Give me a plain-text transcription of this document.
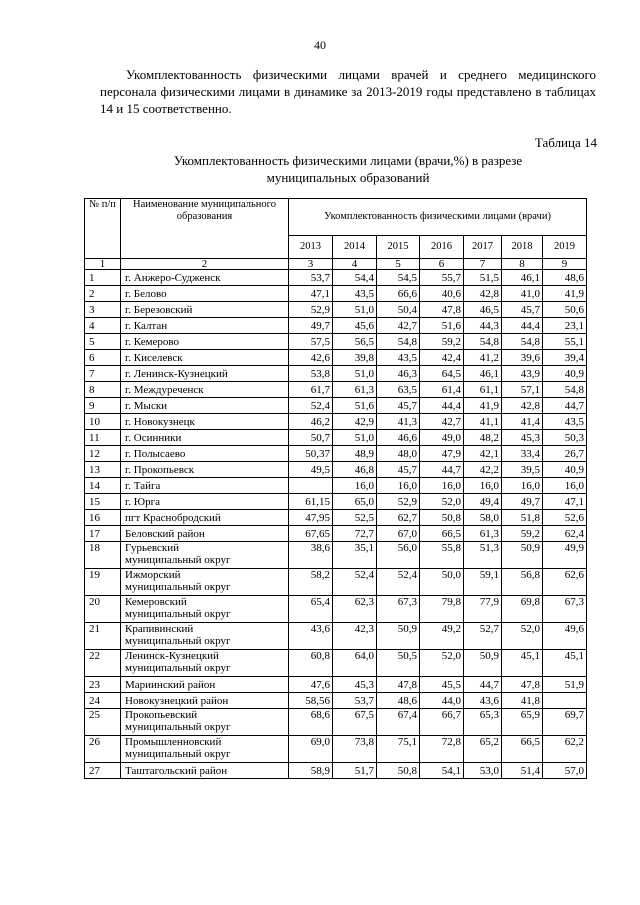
40

Укомплектованность физическими лицами врачей и среднего медицинского персонала физическими лицами в динамике за 2013-2019 годы представлено в таблицах 14 и 15 соответственно.

Таблица 14
Укомплектованность физическими лицами (врачи,%) в разрезе
муниципальных образований
№ п/п	Наименование муниципального образования	Укомплектованность физическими лицами (врачи)						
		2013	2014	2015	2016	2017	2018	2019
1	2	3	4	5	6	7	8	9
1	г. Анжеро-Судженск	53,7	54,4	54,5	55,7	51,5	46,1	48,6
2	г. Белово	47,1	43,5	66,6	40,6	42,8	41,0	41,9
3	г. Березовский	52,9	51,0	50,4	47,8	46,5	45,7	50,6
4	г. Калтан	49,7	45,6	42,7	51,6	44,3	44,4	23,1
5	г. Кемерово	57,5	56,5	54,8	59,2	54,8	54,8	55,1
6	г. Киселевск	42,6	39,8	43,5	42,4	41,2	39,6	39,4
7	г. Ленинск-Кузнецкий	53,8	51,0	46,3	64,5	46,1	43,9	40,9
8	г. Междуреченск	61,7	61,3	63,5	61,4	61,1	57,1	54,8
9	г. Мыски	52,4	51,6	45,7	44,4	41,9	42,8	44,7
10	г. Новокузнецк	46,2	42,9	41,3	42,7	41,1	41,4	43,5
11	г. Осинники	50,7	51,0	46,6	49,0	48,2	45,3	50,3
12	г. Полысаево	50,37	48,9	48,0	47,9	42,1	33,4	26,7
13	г. Прокопьевск	49,5	46,8	45,7	44,7	42,2	39,5	40,9
14	г. Тайга		16,0	16,0	16,0	16,0	16,0	16,0
15	г. Юрга	61,15	65,0	52,9	52,0	49,4	49,7	47,1
16	пгт Краснобродский	47,95	52,5	62,7	50,8	58,0	51,8	52,6
17	Беловский район	67,65	72,7	67,0	66,5	61,3	59,2	62,4
18	Гурьевский
муниципальный округ	38,6	35,1	56,0	55,8	51,3	50,9	49,9
19	Ижморский
муниципальный округ	58,2	52,4	52,4	50,0	59,1	56,8	62,6
20	Кемеровский
муниципальный округ	65,4	62,3	67,3	79,8	77,9	69,8	67,3
21	Крапивинский
муниципальный округ	43,6	42,3	50,9	49,2	52,7	52,0	49,6
22	Ленинск-Кузнецкий
муниципальный округ	60,8	64,0	50,5	52,0	50,9	45,1	45,1
23	Мариинский район	47,6	45,3	47,8	45,5	44,7	47,8	51,9
24	Новокузнецкий район	58,56	53,7	48,6	44,0	43,6	41,8	
25	Прокопьевский
муниципальный округ	68,6	67,5	67,4	66,7	65,3	65,9	69,7
26	Промышленновский
муниципальный округ	69,0	73,8	75,1	72,8	65,2	66,5	62,2
27	Таштагольский район	58,9	51,7	50,8	54,1	53,0	51,4	57,0
